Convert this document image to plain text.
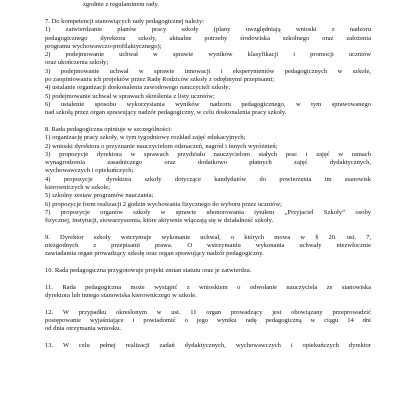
zgodnie z regulaminem rady.
7. Do kompetencji stanowiących rady pedagogicznej należy:
1) zatwierdzanie planów pracy szkoły (plany uwzględniają wnioski z nadzoru
pedagogicznego dyrektora szkoły, aktualne potrzeby środowiska szkolnego oraz założenia
programu wychowawczo-profilaktycznego);
2) podejmowanie uchwał w sprawie wyników klasyfikacji i promocji uczniów
oraz ukończenia szkoły;
3) podejmowanie uchwał w sprawie innowacji i eksperymentów pedagogicznych w szkole,
po zaopiniowaniu ich projektów przez Radę Rodziców szkoły z odrębnymi przepisami;
4) ustalanie organizacji doskonalenia zawodowego nauczycieli szkoły;
5) podejmowanie uchwał w sprawach skreślenia z listy uczniów;
6) ustalenie sposobu wykorzystania wyników nadzoru pedagogicznego, w tym sprawowanego
nad szkołą przez organ sprawujący nadzór pedagogiczny, w celu doskonalenia pracy szkoły.
8. Rada pedagogiczna opiniuje w szczególności:
1) organizację pracy szkoły, w tym tygodniowy rozkład zajęć edukacyjnych;
2) wnioski dyrektora o przyznanie nauczycielom odznaczeń, nagród i innych wyróżnień;
3) propozycje dyrektora w sprawach przydziału nauczycielom stałych prac i zajęć w ramach
wynagrodzenia zasadniczego oraz dodatkowo płatnych zajęć dydaktycznych,
wychowawczych i opiekuńczych;
4) propozycje dyrektora szkoły dotyczące kandydatów do powierzenia im stanowisk
kierowniczych w szkole;
5) szkolny zestaw programów nauczania;
6) propozycje form realizacji 2 godzin wychowania fizycznego do wyboru przez uczniów;
7) propozycje organów szkoły w sprawie uhonorowania tytułem „Przyjaciel Szkoły” osoby
fizycznej, instytucji, stowarzyszenia, które aktywnie włączają się w działalność szkoły.
9. Dyrektor szkoły wstrzymuje wykonanie uchwał, o których mowa w § 20. ust. 7,
niezgodnych z przepisami prawa. O wstrzymaniu wykonania uchwały niezwłocznie
zawiadamia organ prowadzący szkołę oraz organ sprawujący nadzór pedagogiczny.
10. Rada pedagogiczna przygotowuje projekt zmian statutu oraz je zatwierdza.
11. Rada pedagogiczna może wystąpić z wnioskiem o odwołanie nauczyciela ze stanowiska
dyrektora lub innego stanowiska kierowniczego w szkole.
12. W przypadku określonym w ust. 11 organ prowadzący jest obowiązany przeprowadzić
postępowanie wyjaśniające i powiadomić o jego wyniku radę pedagogiczną w ciągu 14 dni
od dnia otrzymania wniosku.
13. W celu pełnej realizacji zadań dydaktycznych, wychowawczych i opiekuńczych dyrektor
